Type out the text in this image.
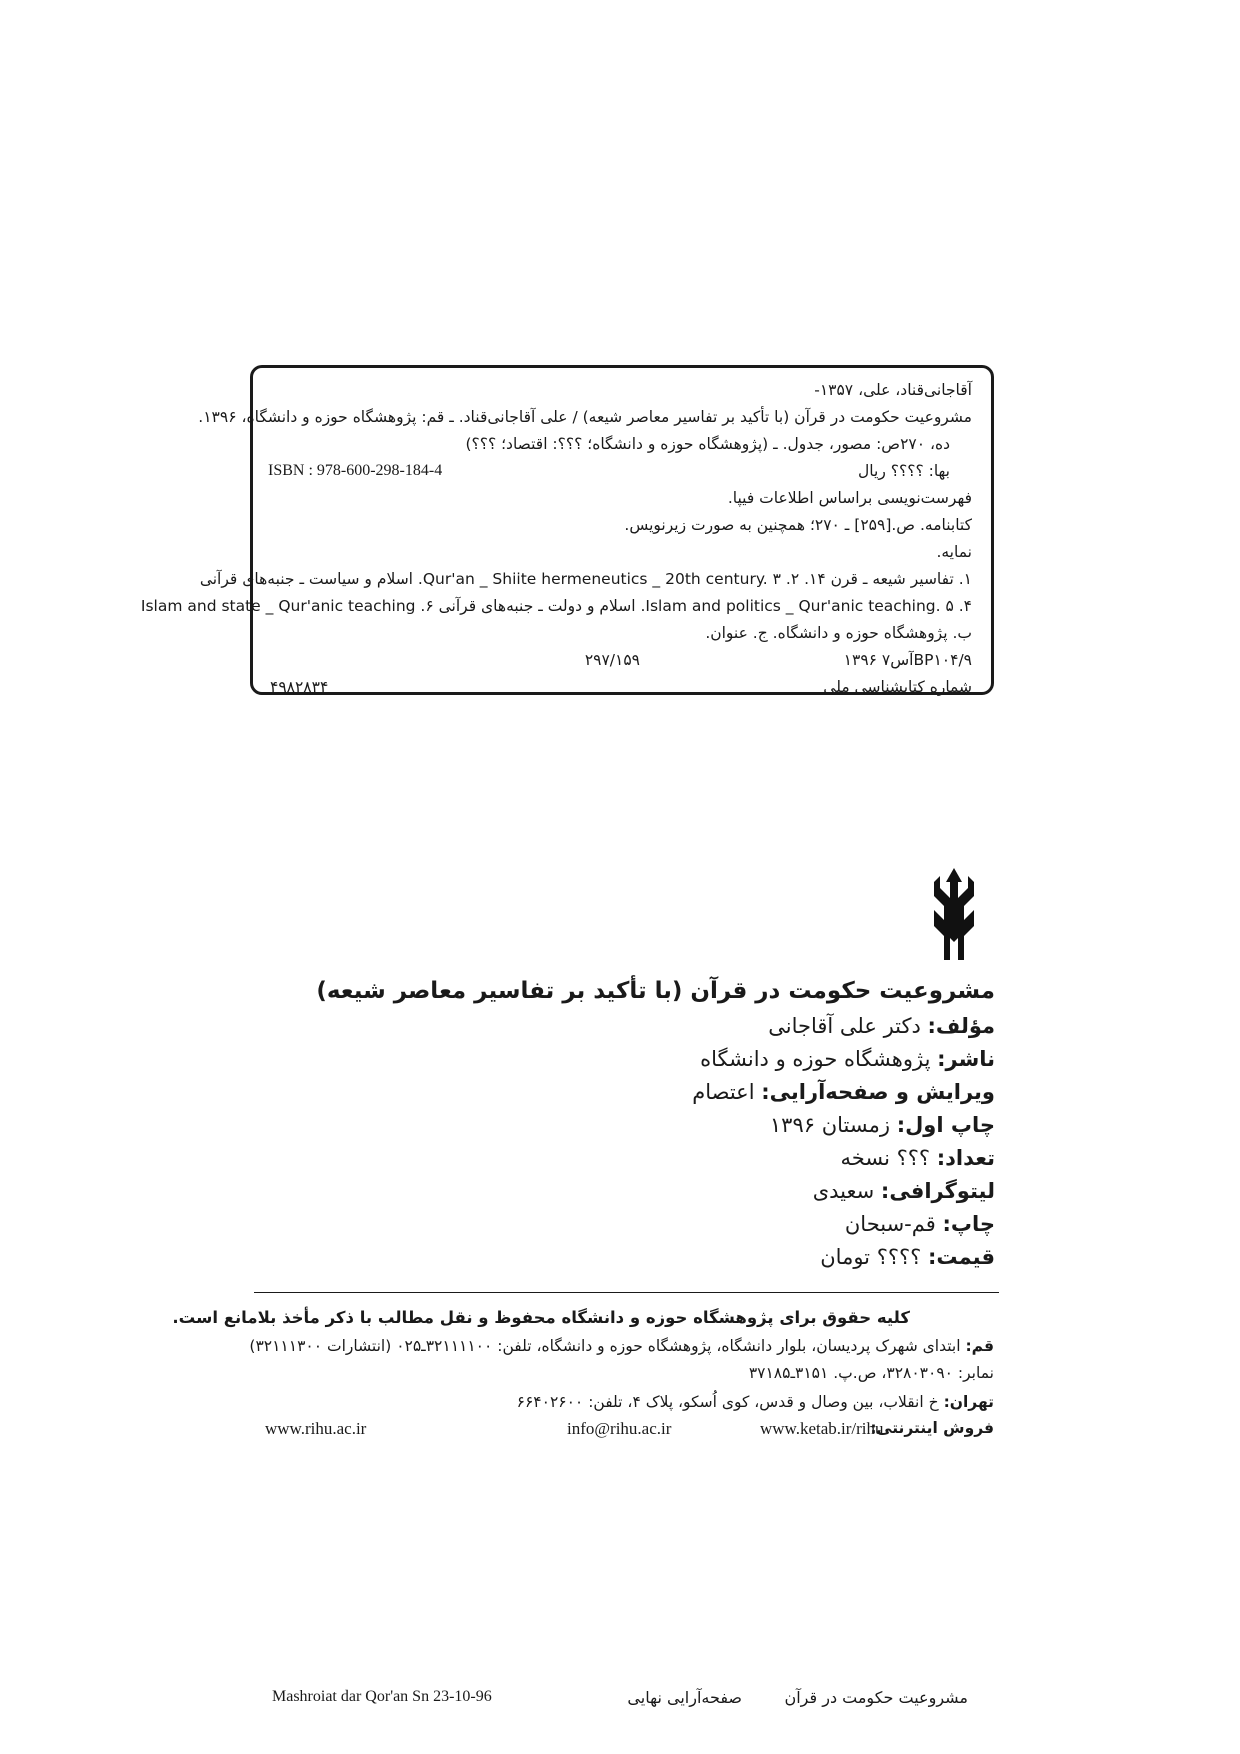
آقاجانی‌قناد، علی، ۱۳۵۷-
مشروعیت حکومت در قرآن (با تأکید بر تفاسیر معاصر شیعه) / علی آقاجانی‌قناد. ـ قم: پژوهشگاه حوزه و دانشگاه، ۱۳۹۶.
ده، ۲۷۰ص: مصور، جدول. ـ (پژوهشگاه حوزه و دانشگاه؛ ؟؟؟: اقتصاد؛ ؟؟؟)
بها: ؟؟؟؟ ریال
ISBN : 978-600-298-184-4
فهرست‌نویسی براساس اطلاعات فیپا.
کتابنامه. ص.[۲۵۹] ـ ۲۷۰؛ همچنین به صورت زیرنویس.
نمایه.
۱. تفاسیر شیعه ـ قرن ۱۴. ۲. Qur'an _ Shiite hermeneutics _ 20th century. ۳. اسلام و سیاست ـ جنبه‌های قرآنی
۴. Islam and politics _ Qur'anic teaching. ۵. اسلام و دولت ـ جنبه‌های قرآنی ۶. Islam and state _ Qur'anic teaching
ب. پژوهشگاه حوزه و دانشگاه. ج. عنوان.
BP۱۰۴/۹آس۷ ۱۳۹۶
۲۹۷/۱۵۹
شماره کتابشناسی ملی
۴۹۸۲۸۳۴
مشروعیت حکومت در قرآن (با تأکید بر تفاسیر معاصر شیعه)
مؤلف: دکتر علی آقاجانی
ناشر: پژوهشگاه حوزه و دانشگاه
ویرایش و صفحه‌آرایی: اعتصام
چاپ اول: زمستان ۱۳۹۶
تعداد: ؟؟؟ نسخه
لیتوگرافی: سعیدی
چاپ: قم-سبحان
قیمت: ؟؟؟؟ تومان
کلیه حقوق برای پژوهشگاه حوزه و دانشگاه محفوظ و نقل مطالب با ذکر مأخذ بلامانع است.
قم: ابتدای شهرک پردیسان، بلوار دانشگاه، پژوهشگاه حوزه و دانشگاه، تلفن: ۳۲۱۱۱۱۰۰ـ۰۲۵ (انتشارات ۳۲۱۱۱۳۰۰)
نمابر: ۳۲۸۰۳۰۹۰، ص.پ. ۳۱۵۱ـ۳۷۱۸۵
تهران: خ انقلاب، بین وصال و قدس، کوی اُسکو، پلاک ۴، تلفن: ۶۶۴۰۲۶۰۰
فروش اینترنتی:
www.ketab.ir/rihu
info@rihu.ac.ir
www.rihu.ac.ir
Mashroiat dar Qor'an Sn 23-10-96	صفحه‌آرایی نهایی	مشروعیت حکومت در قرآن
